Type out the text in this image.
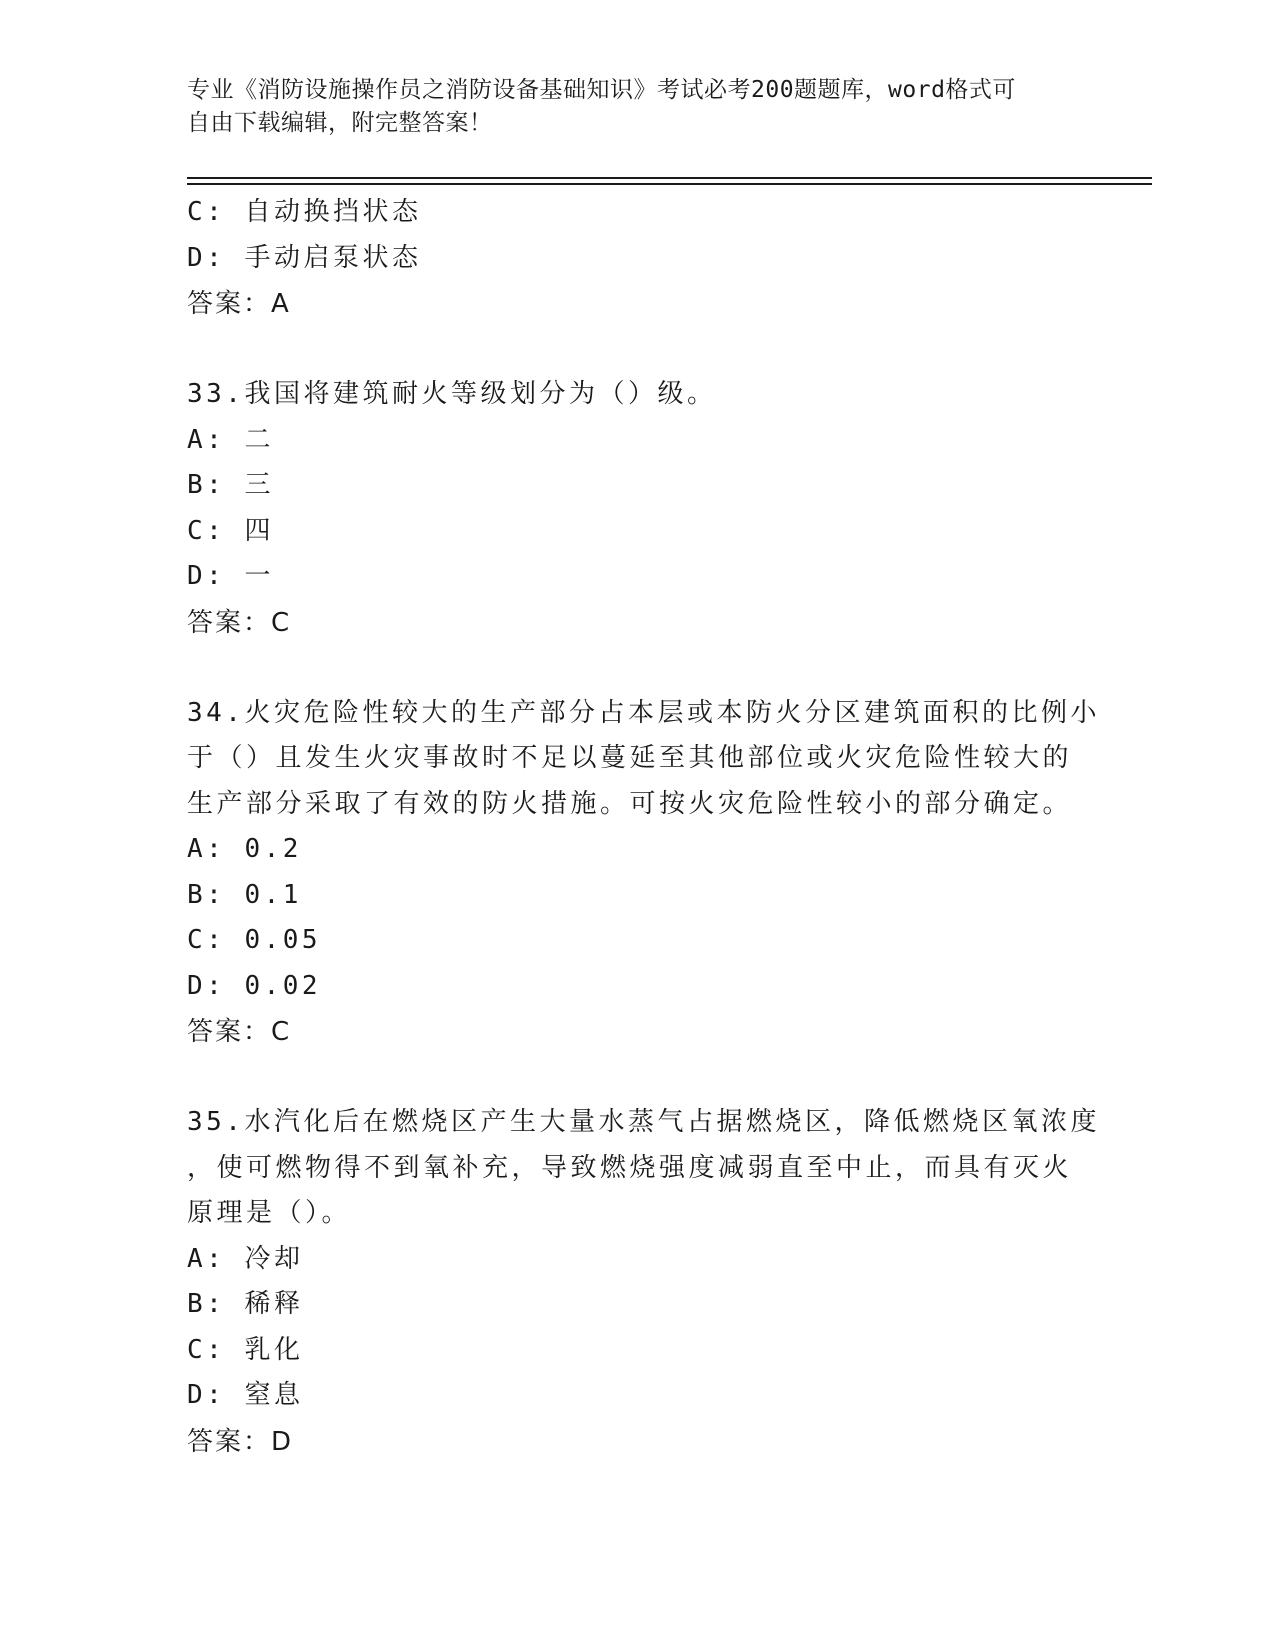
专业《消防设施操作员之消防设备基础知识》考试必考200题题库，word格式可
自由下载编辑，附完整答案！
C: 自动换挡状态
D: 手动启泵状态
答案：A
33.我国将建筑耐火等级划分为（）级。
A: 二
B: 三
C: 四
D: 一
答案：C
34.火灾危险性较大的生产部分占本层或本防火分区建筑面积的比例小
于（）且发生火灾事故时不足以蔓延至其他部位或火灾危险性较大的
生产部分采取了有效的防火措施。可按火灾危险性较小的部分确定。
A: 0.2
B: 0.1
C: 0.05
D: 0.02
答案：C
35.水汽化后在燃烧区产生大量水蒸气占据燃烧区，降低燃烧区氧浓度
，使可燃物得不到氧补充，导致燃烧强度减弱直至中止，而具有灭火
原理是（）。
A: 冷却
B: 稀释
C: 乳化
D: 窒息
答案：D
